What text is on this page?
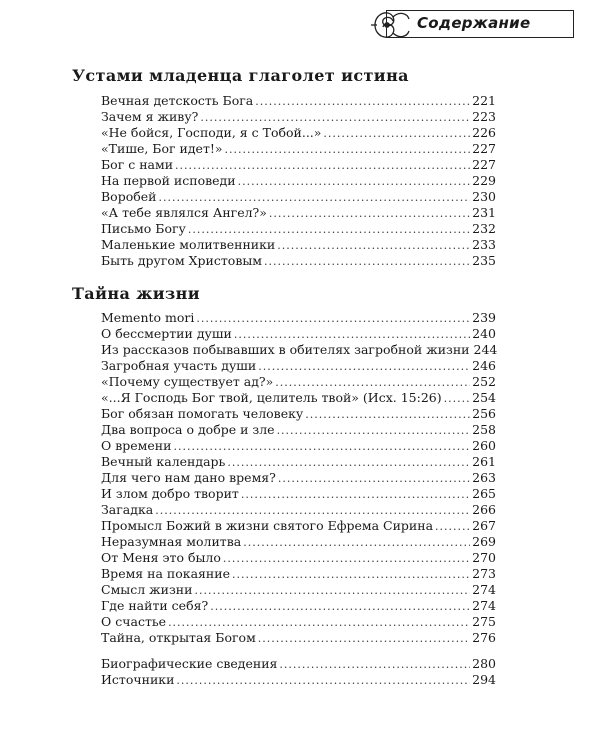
Содержание
Устами младенца глаголет истина
Вечная детскость Бога .....	221
Зачем я живу? .....	223
«Не бойся, Господи, я с Тобой...» .....	226
«Тише, Бог идет!» .....	227
Бог с нами .....	227
На первой исповеди .....	229
Воробей .....	230
«А тебе являлся Ангел?» .....	231
Письмо Богу .....	232
Маленькие молитвенники .....	233
Быть другом Христовым .....	235
Тайна жизни
Memento mori .....	239
О бессмертии души .....	240
Из рассказов побывавших в обителях загробной жизни 244
Загробная участь души .....	246
«Почему существует ад?» .....	252
«...Я Господь Бог твой, целитель твой» (Исх. 15:26) ..... 254
Бог обязан помогать человеку .....	256
Два вопроса о добре и зле .....	258
О времени .....	260
Вечный календарь .....	261
Для чего нам дано время? .....	263
И злом добро творит .....	265
Загадка .....	266
Промысл Божий в жизни святого Ефрема Сирина .....	267
Неразумная молитва .....	269
От Меня это было .....	270
Время на покаяние .....	273
Смысл жизни .....	274
Где найти себя? .....	274
О счастье .....	275
Тайна, открытая Богом .....	276
Биографические сведения .....	280
Источники .....	294
